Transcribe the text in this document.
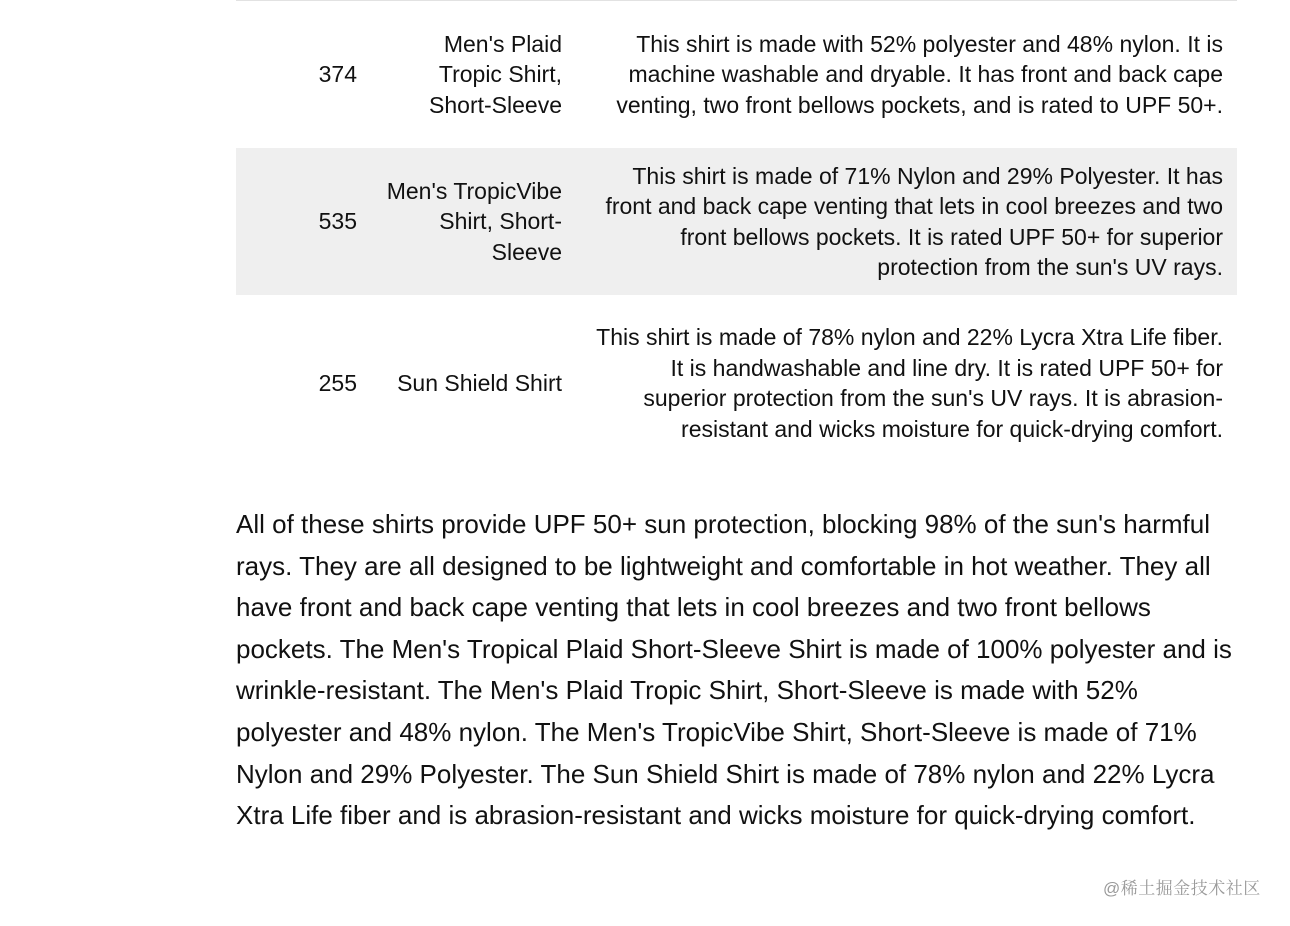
374	Men's Plaid Tropic Shirt, Short-Sleeve	This shirt is made with 52% polyester and 48% nylon. It is machine washable and dryable. It has front and back cape venting, two front bellows pockets, and is rated to UPF 50+.
535	Men's TropicVibe Shirt, Short-Sleeve	This shirt is made of 71% Nylon and 29% Polyester. It has front and back cape venting that lets in cool breezes and two front bellows pockets. It is rated UPF 50+ for superior protection from the sun's UV rays.
255	Sun Shield Shirt	This shirt is made of 78% nylon and 22% Lycra Xtra Life fiber. It is handwashable and line dry. It is rated UPF 50+ for superior protection from the sun's UV rays. It is abrasion-resistant and wicks moisture for quick-drying comfort.

All of these shirts provide UPF 50+ sun protection, blocking 98% of the sun's harmful rays. They are all designed to be lightweight and comfortable in hot weather. They all have front and back cape venting that lets in cool breezes and two front bellows pockets. The Men's Tropical Plaid Short-Sleeve Shirt is made of 100% polyester and is wrinkle-resistant. The Men's Plaid Tropic Shirt, Short-Sleeve is made with 52% polyester and 48% nylon. The Men's TropicVibe Shirt, Short-Sleeve is made of 71% Nylon and 29% Polyester. The Sun Shield Shirt is made of 78% nylon and 22% Lycra Xtra Life fiber and is abrasion-resistant and wicks moisture for quick-drying comfort.

@稀土掘金技术社区
